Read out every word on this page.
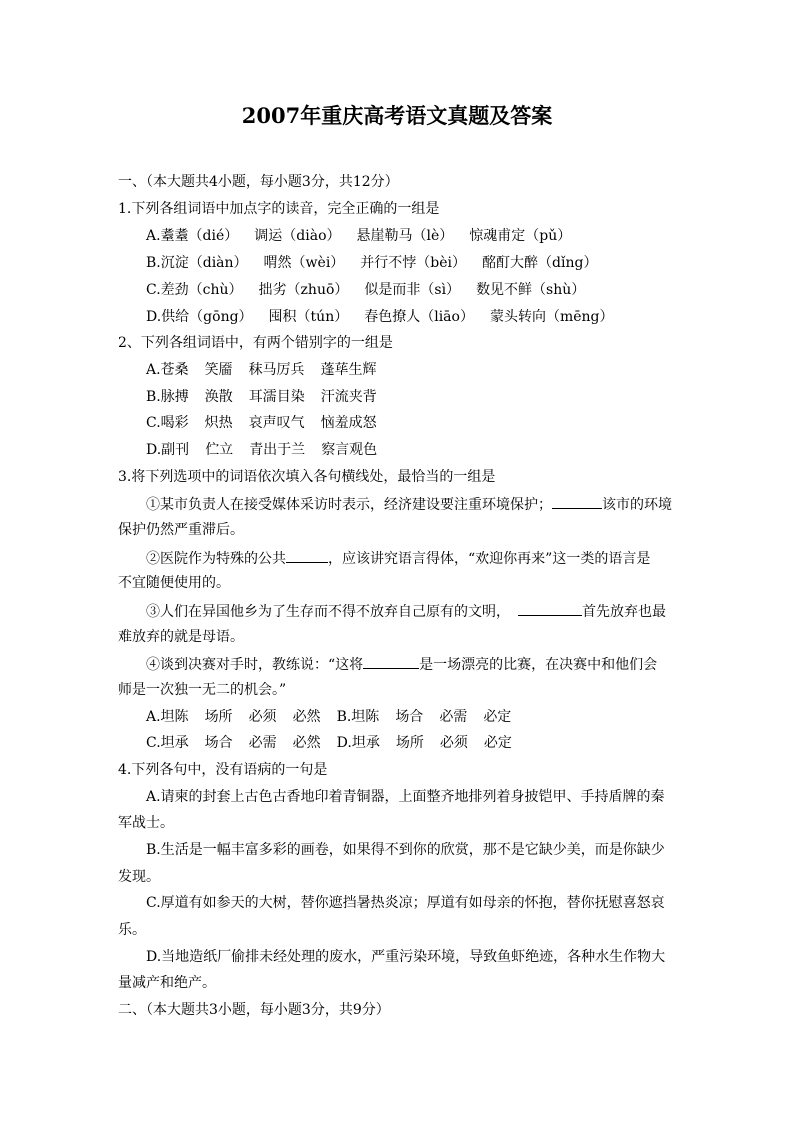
2007年重庆高考语文真题及答案
一、（本大题共4小题，每小题3分，共12分）
1.下列各组词语中加点字的读音，完全正确的一组是
A.耋耋（dié） 调运（diào） 悬崖勒马（lè） 惊魂甫定（pǔ）
B.沉淀（diàn） 喟然（wèi） 并行不悖（bèi） 酩酊大醉（dǐng）
C.差劲（chù） 拙劣（zhuō） 似是而非（sì） 数见不鲜（shù）
D.供给（gōng） 囤积（tún） 春色撩人（liāo） 蒙头转向（mēng）
2、下列各组词语中，有两个错别字的一组是
A.苍桑 笑靥 秣马厉兵 蓬荜生辉
B.脉搏 涣散 耳濡目染 汗流夹背
C.喝彩 炽热 哀声叹气 恼羞成怒
D.副刊 伫立 青出于兰 察言观色
3.将下列选项中的词语依次填入各句横线处，最恰当的一组是
①某市负责人在接受媒体采访时表示，经济建设要注重环境保护；	该市的环境
保护仍然严重滞后。
②医院作为特殊的公共	，应该讲究语言得体，“欢迎你再来”这一类的语言是
不宜随便使用的。
③人们在异国他乡为了生存而不得不放弃自己原有的文明，	首先放弃也最
难放弃的就是母语。
④谈到决赛对手时，教练说：“这将	是一场漂亮的比赛，在决赛中和他们会
师是一次独一无二的机会。”
A.坦陈 场所 必须 必然 B.坦陈 场合 必需 必定
C.坦承 场合 必需 必然 D.坦承 场所 必须 必定
4.下列各句中，没有语病的一句是
A.请柬的封套上古色古香地印着青铜器，上面整齐地排列着身披铠甲、手持盾牌的秦
军战士。
B.生活是一幅丰富多彩的画卷，如果得不到你的欣赏，那不是它缺少美，而是你缺少
发现。
C.厚道有如参天的大树，替你遮挡暑热炎凉；厚道有如母亲的怀抱，替你抚慰喜怒哀
乐。
D.当地造纸厂偷排未经处理的废水，严重污染环境，导致鱼虾绝迹，各种水生作物大
量减产和绝产。
二、（本大题共3小题，每小题3分，共9分）
